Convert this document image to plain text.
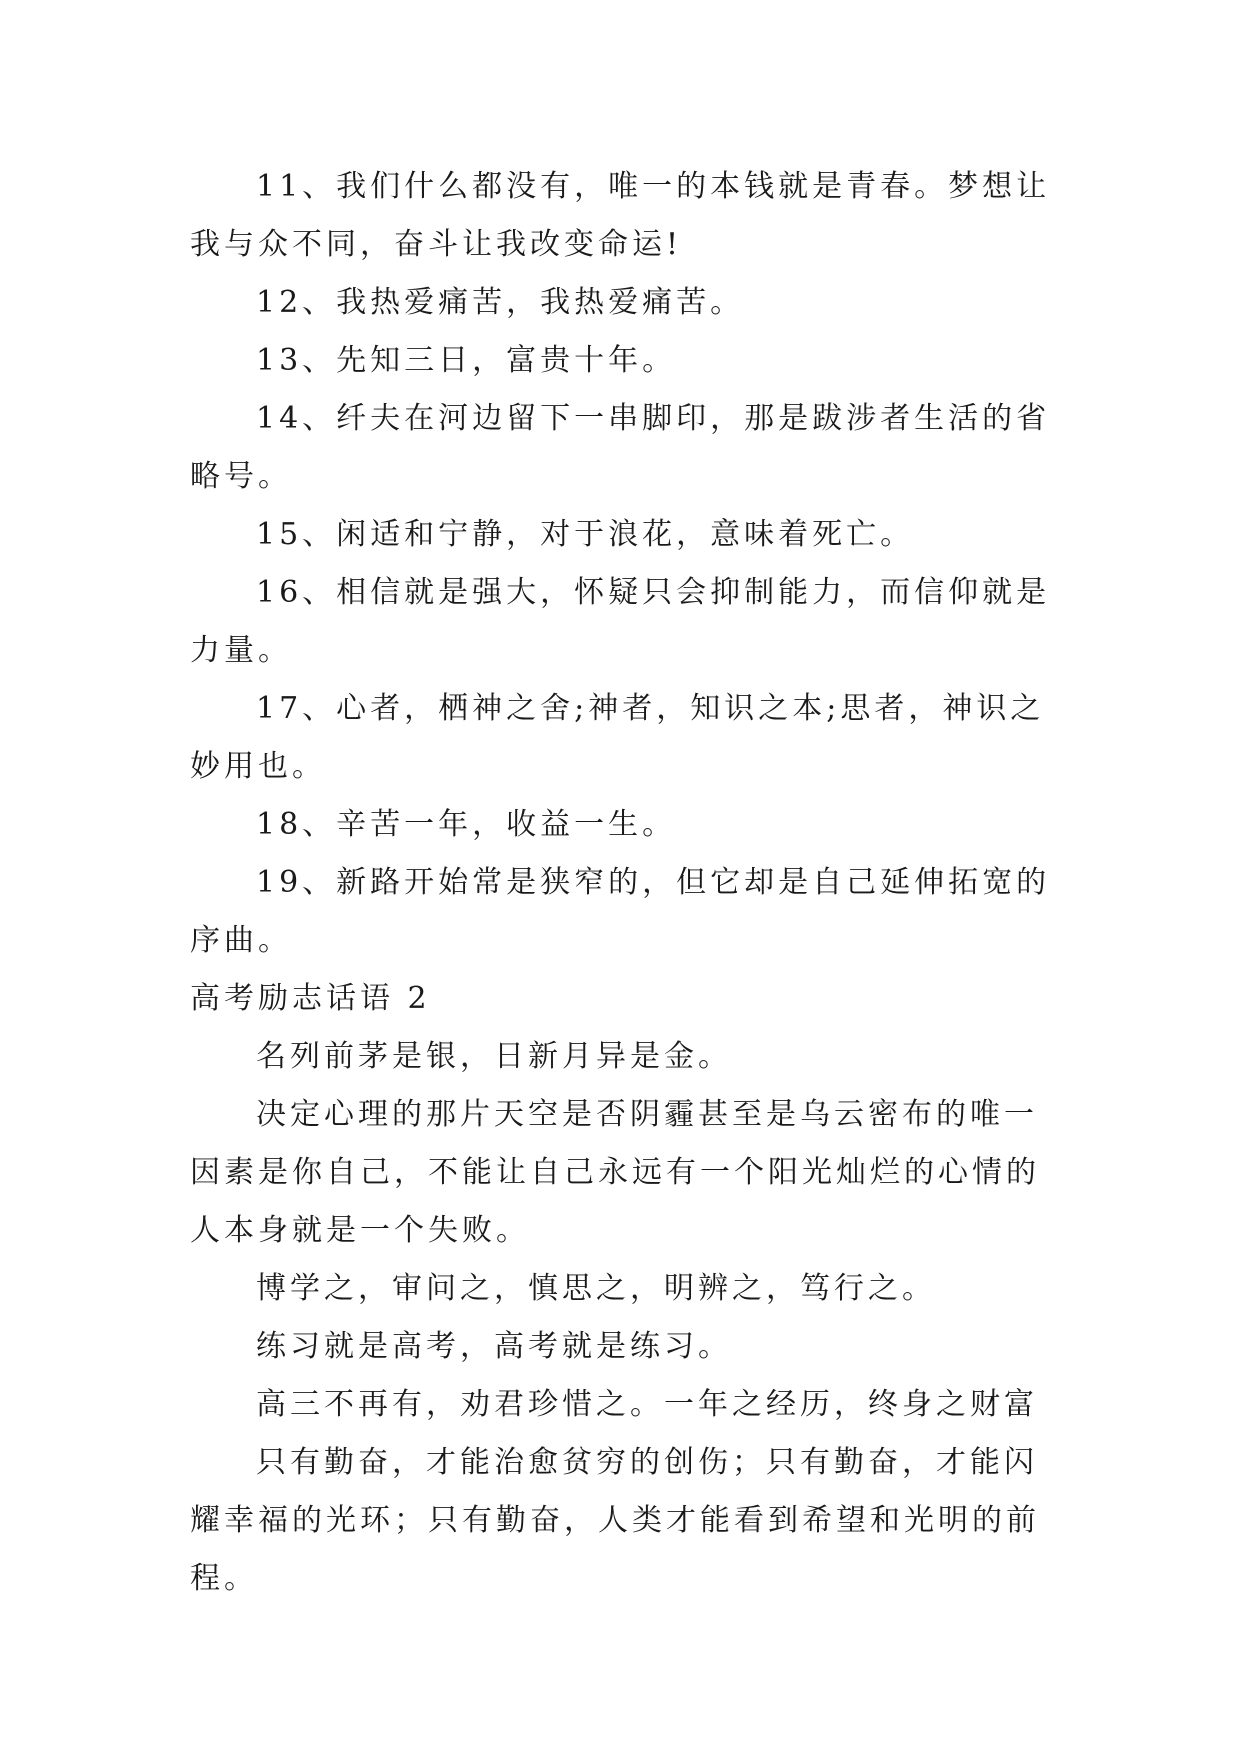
11、我们什么都没有，唯一的本钱就是青春。梦想让我与众不同，奋斗让我改变命运!

12、我热爱痛苦，我热爱痛苦。

13、先知三日，富贵十年。

14、纤夫在河边留下一串脚印，那是跋涉者生活的省略号。

15、闲适和宁静，对于浪花，意味着死亡。

16、相信就是强大，怀疑只会抑制能力，而信仰就是力量。

17、心者，栖神之舍;神者，知识之本;思者，神识之妙用也。

18、辛苦一年，收益一生。

19、新路开始常是狭窄的，但它却是自己延伸拓宽的序曲。

高考励志话语 2

名列前茅是银，日新月异是金。

决定心理的那片天空是否阴霾甚至是乌云密布的唯一因素是你自己，不能让自己永远有一个阳光灿烂的心情的人本身就是一个失败。

博学之，审问之，慎思之，明辨之，笃行之。

练习就是高考，高考就是练习。

高三不再有，劝君珍惜之。一年之经历，终身之财富

只有勤奋，才能治愈贫穷的创伤；只有勤奋，才能闪耀幸福的光环；只有勤奋，人类才能看到希望和光明的前程。
